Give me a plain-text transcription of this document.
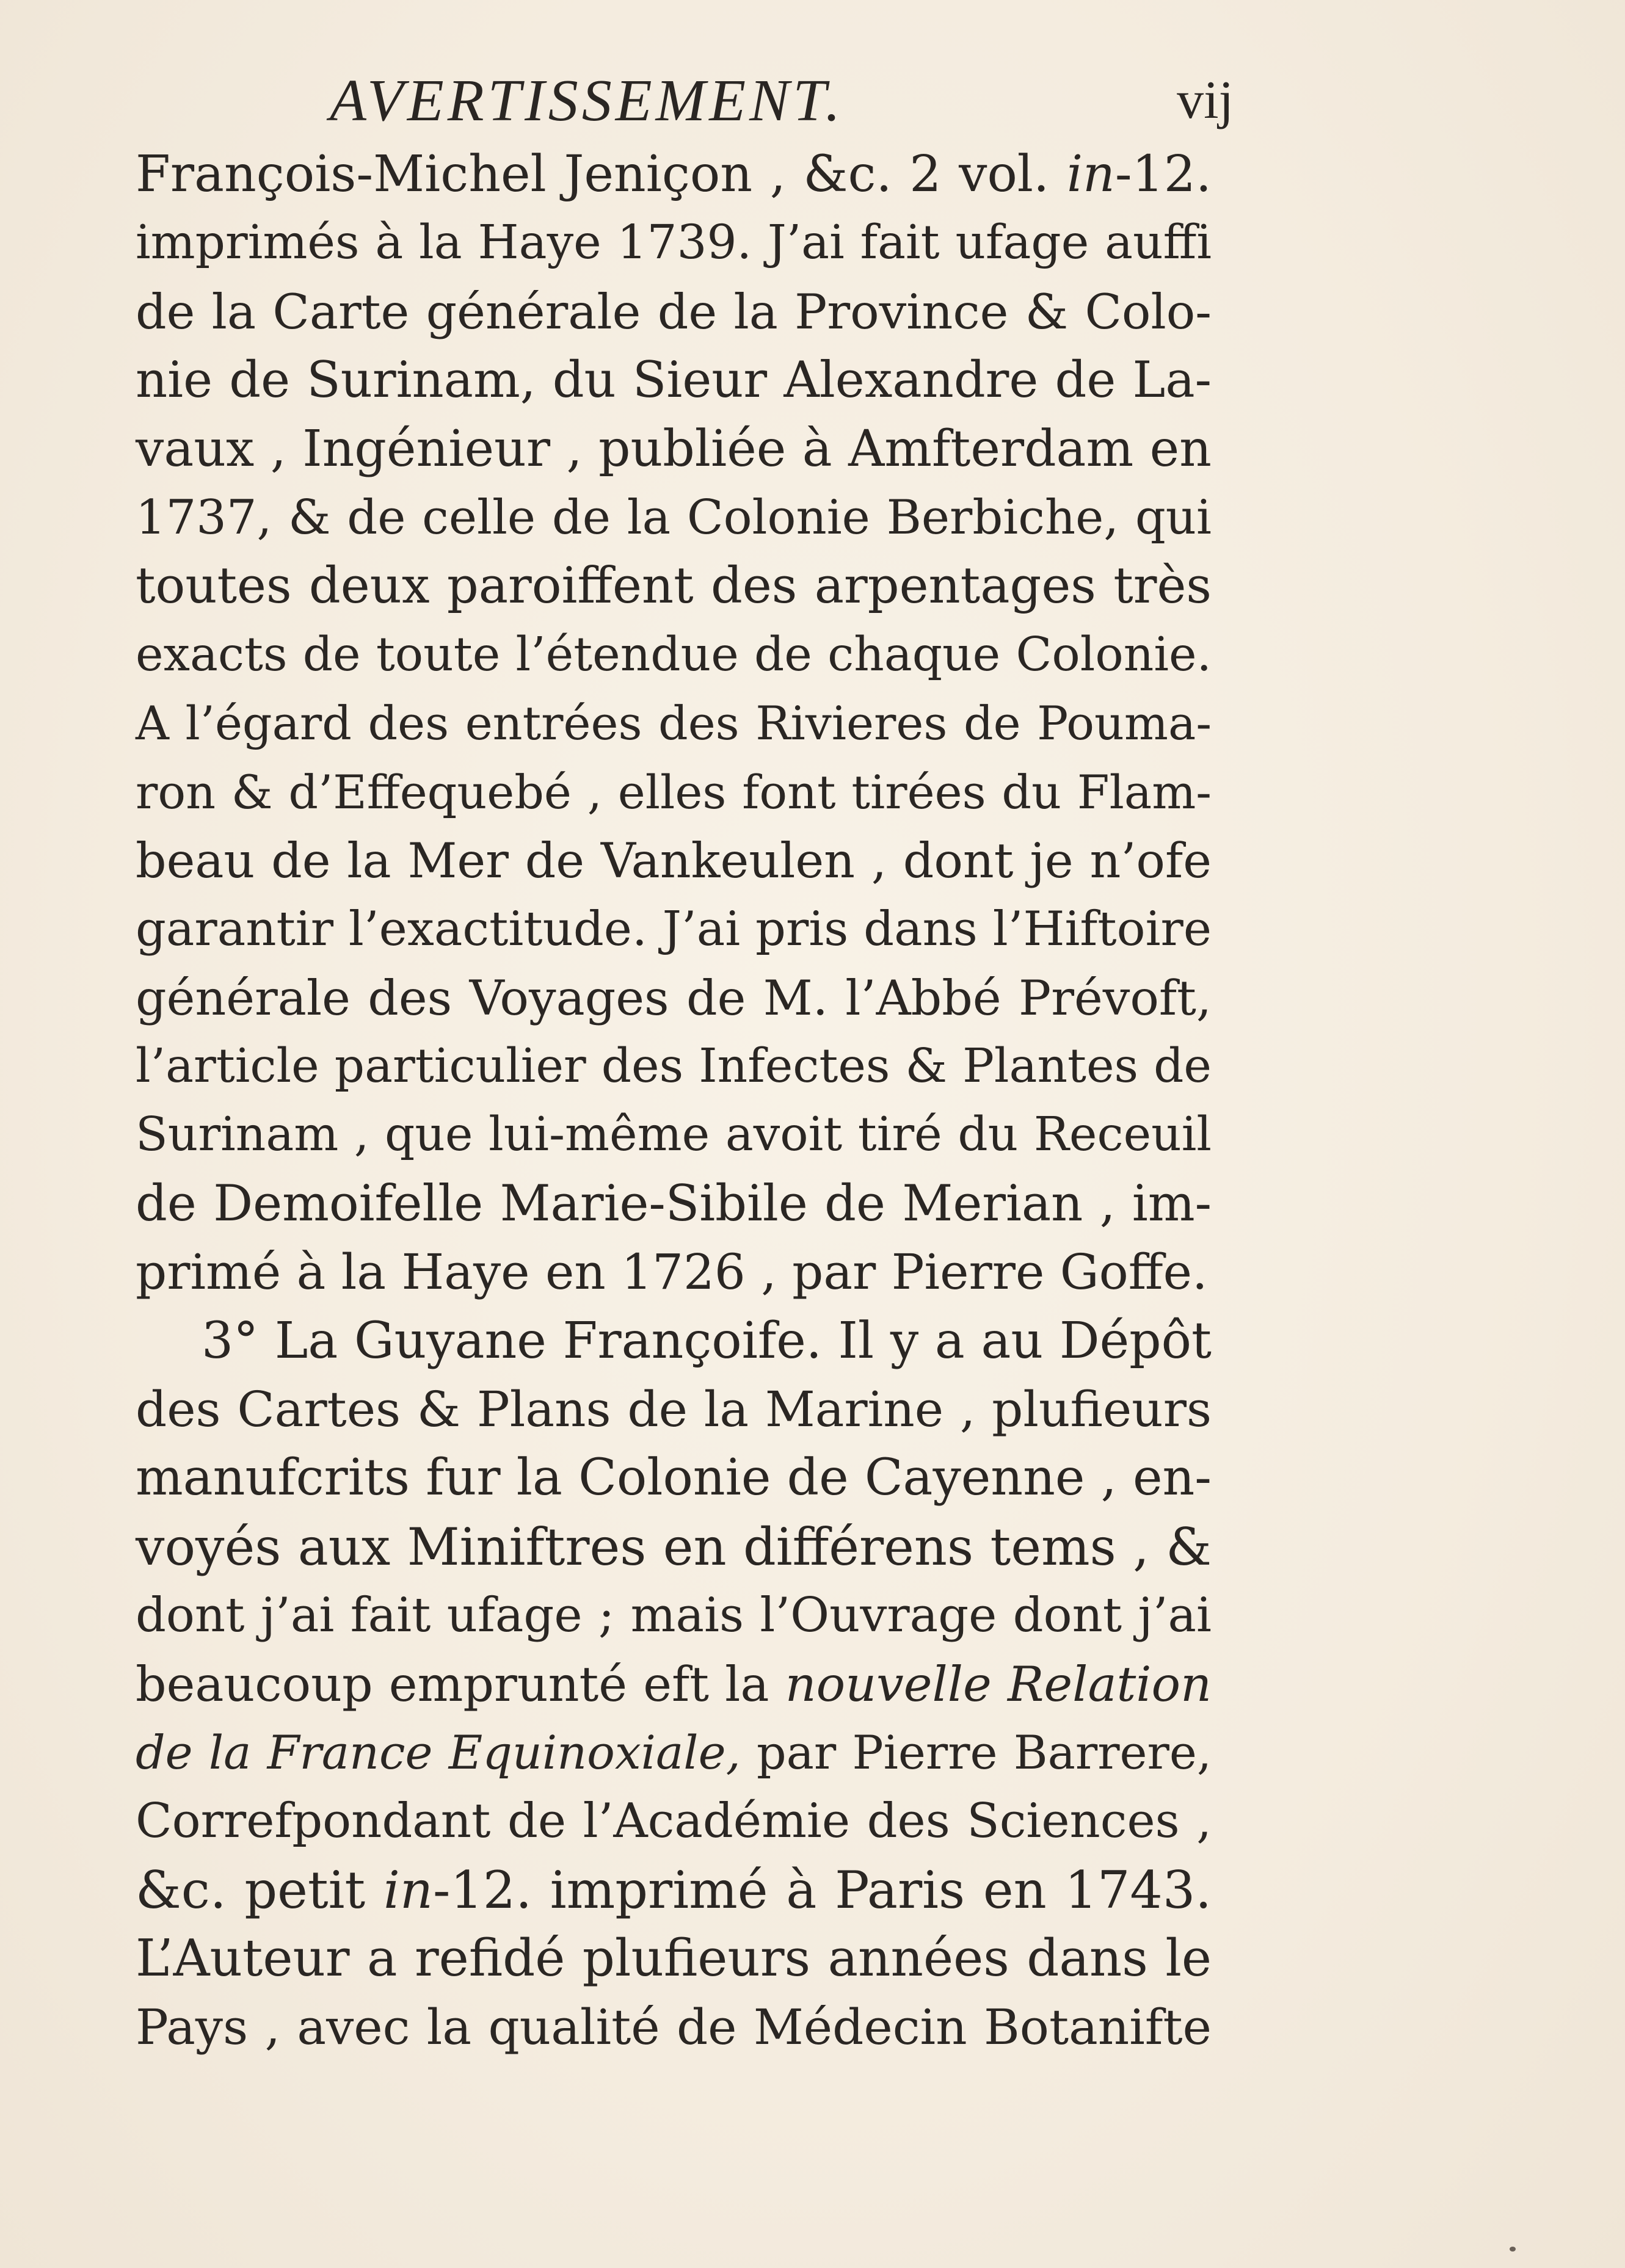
AVERTISSEMENT.	vij
François-Michel Jeniçon , &c. 2 vol. in-12.
imprimés à la Haye 1739. J’ai fait ufage auffi
de la Carte générale de la Province & Colo-
nie de Surinam, du Sieur Alexandre de La-
vaux , Ingénieur , publiée à Amfterdam en
1737, & de celle de la Colonie Berbiche, qui
toutes deux paroiffent des arpentages très
exacts de toute l’étendue de chaque Colonie.
A l’égard des entrées des Rivieres de Pouma-
ron & d’Effequebé , elles font tirées du Flam-
beau de la Mer de Vankeulen , dont je n’ofe
garantir l’exactitude. J’ai pris dans l’Hiftoire
générale des Voyages de M. l’Abbé Prévoft,
l’article particulier des Infectes & Plantes de
Surinam , que lui-même avoit tiré du Receuil
de Demoifelle Marie-Sibile de Merian , im-
primé à la Haye en 1726 , par Pierre Goffe.
3° La Guyane Françoife. Il y a au Dépôt
des Cartes & Plans de la Marine , plufieurs
manufcrits fur la Colonie de Cayenne , en-
voyés aux Miniftres en différens tems , &
dont j’ai fait ufage ; mais l’Ouvrage dont j’ai
beaucoup emprunté eft la nouvelle Relation
de la France Equinoxiale, par Pierre Barrere,
Correfpondant de l’Académie des Sciences ,
&c. petit in-12. imprimé à Paris en 1743.
L’Auteur a refidé plufieurs années dans le
Pays , avec la qualité de Médecin Botanifte
